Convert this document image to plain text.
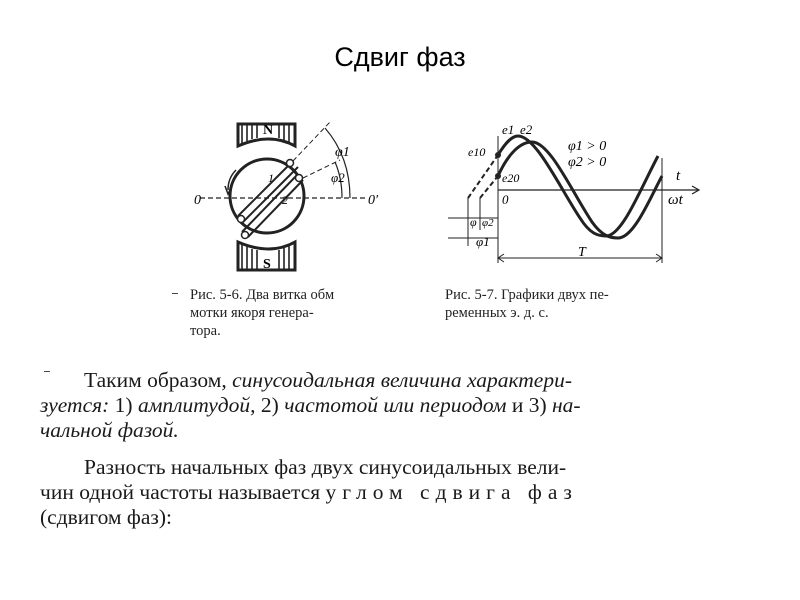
Сдвиг фаз
N
S
0	0′
1
2
φ1
φ2
Рис. 5-6. Два витка обм
мотки якоря генера-
тора.
e1 e2
e10
e20
φ1 > 0
φ2 > 0
t
ωt
0
φ φ2
φ1
T
Рис. 5-7. Графики двух пе-
ременных э. д. с.
Таким образом, синусоидальная величина характери-
зуется: 1) амплитудой, 2) частотой или периодом и 3) на-
чальной фазой.
Разность начальных фаз двух синусоидальных вели-
чин одной частоты называется углом сдвига фаз
(сдвигом фаз):
